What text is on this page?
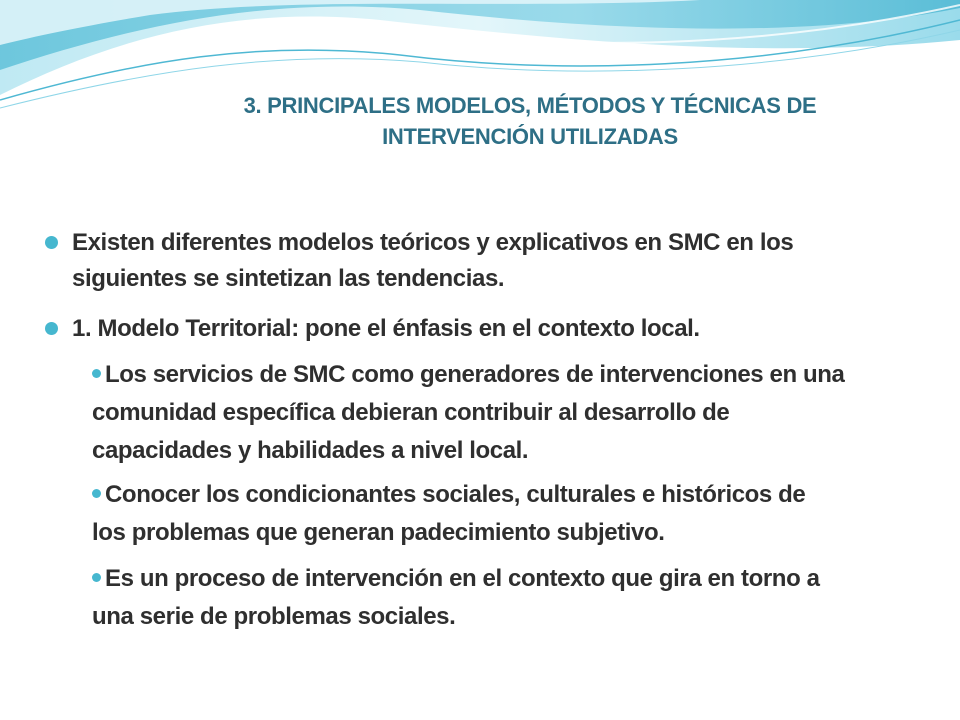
3. PRINCIPALES MODELOS, MÉTODOS Y TÉCNICAS DE
INTERVENCIÓN UTILIZADAS

Existen diferentes modelos teóricos y explicativos en SMC en los
siguientes se sintetizan las tendencias.

1. Modelo Territorial: pone el énfasis en el contexto local.

Los servicios de SMC como generadores de intervenciones en una
comunidad específica debieran contribuir al desarrollo de
capacidades y habilidades a nivel local.

Conocer los condicionantes sociales, culturales e históricos de
los problemas que generan padecimiento subjetivo.

Es un proceso de intervención en el contexto que gira en torno a
una serie de problemas sociales.
